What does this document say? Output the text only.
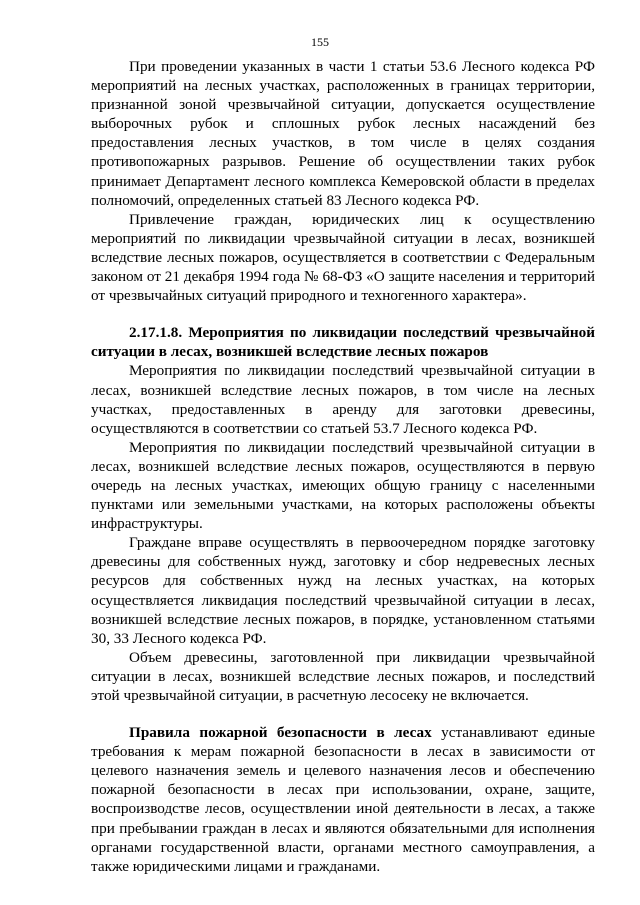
155

При проведении указанных в части 1 статьи 53.6 Лесного кодекса РФ мероприятий на лесных участках, расположенных в границах территории, признанной зоной чрезвычайной ситуации, допускается осуществление выборочных рубок и сплошных рубок лесных насаждений без предоставления лесных участков, в том числе в целях создания противопожарных разрывов. Решение об осуществлении таких рубок принимает Департамент лесного комплекса Кемеровской области в пределах полномочий, определенных статьей 83 Лесного кодекса РФ.

Привлечение граждан, юридических лиц к осуществлению мероприятий по ликвидации чрезвычайной ситуации в лесах, возникшей вследствие лесных пожаров, осуществляется в соответствии с Федеральным законом от 21 декабря 1994 года № 68-ФЗ «О защите населения и территорий от чрезвычайных ситуаций природного и техногенного характера».

2.17.1.8. Мероприятия по ликвидации последствий чрезвычайной ситуации в лесах, возникшей вследствие лесных пожаров

Мероприятия по ликвидации последствий чрезвычайной ситуации в лесах, возникшей вследствие лесных пожаров, в том числе на лесных участках, предоставленных в аренду для заготовки древесины, осуществляются в соответствии со статьей 53.7 Лесного кодекса РФ.

Мероприятия по ликвидации последствий чрезвычайной ситуации в лесах, возникшей вследствие лесных пожаров, осуществляются в первую очередь на лесных участках, имеющих общую границу с населенными пунктами или земельными участками, на которых расположены объекты инфраструктуры.

Граждане вправе осуществлять в первоочередном порядке заготовку древесины для собственных нужд, заготовку и сбор недревесных лесных ресурсов для собственных нужд на лесных участках, на которых осуществляется ликвидация последствий чрезвычайной ситуации в лесах, возникшей вследствие лесных пожаров, в порядке, установленном статьями 30, 33 Лесного кодекса РФ.

Объем древесины, заготовленной при ликвидации чрезвычайной ситуации в лесах, возникшей вследствие лесных пожаров, и последствий этой чрезвычайной ситуации, в расчетную лесосеку не включается.

Правила пожарной безопасности в лесах устанавливают единые требования к мерам пожарной безопасности в лесах в зависимости от целевого назначения земель и целевого назначения лесов и обеспечению пожарной безопасности в лесах при использовании, охране, защите, воспроизводстве лесов, осуществлении иной деятельности в лесах, а также при пребывании граждан в лесах и являются обязательными для исполнения органами государственной власти, органами местного самоуправления, а также юридическими лицами и гражданами.
